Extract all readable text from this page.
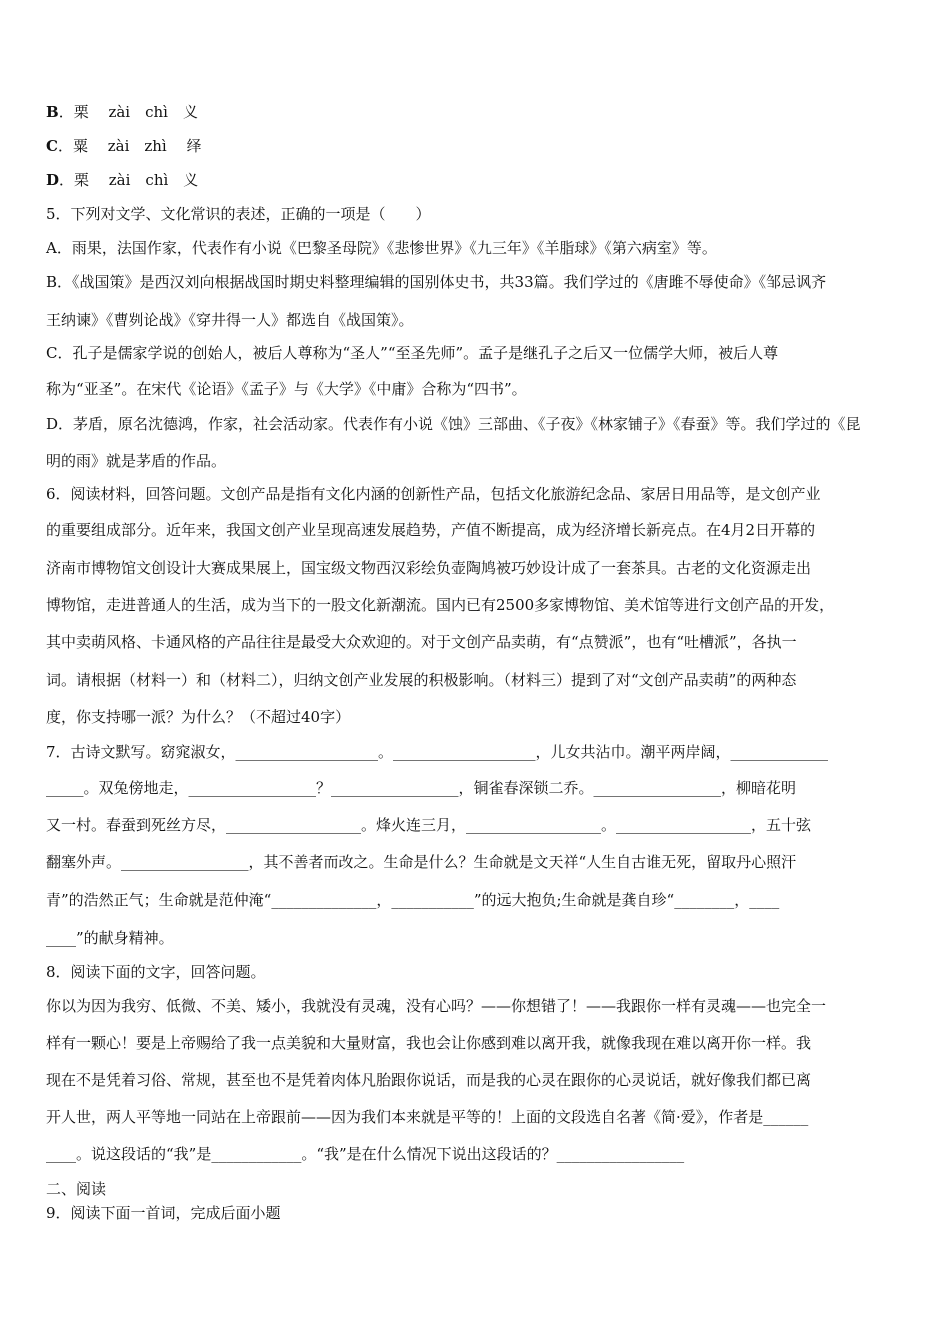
B．栗　 zài　chì　义
C．粟　 zài　zhì　 绎
D．栗　 zài　chì　义
5．下列对文学、文化常识的表述，正确的一项是（　　）
A．雨果，法国作家，代表作有小说《巴黎圣母院》《悲惨世界》《九三年》《羊脂球》《第六病室》等。
B．《战国策》是西汉刘向根据战国时期史料整理编辑的国别体史书，共33篇。我们学过的《唐雎不辱使命》《邹忌讽齐
王纳谏》《曹刿论战》《穿井得一人》都选自《战国策》。
C．孔子是儒家学说的创始人，被后人尊称为“圣人”“至圣先师”。孟子是继孔子之后又一位儒学大师，被后人尊
称为“亚圣”。在宋代《论语》《孟子》与《大学》《中庸》合称为“四书”。
D．茅盾，原名沈德鸿，作家，社会活动家。代表作有小说《蚀》三部曲、《子夜》《林家铺子》《春蚕》等。我们学过的《昆
明的雨》就是茅盾的作品。
6．阅读材料，回答问题。文创产品是指有文化内涵的创新性产品，包括文化旅游纪念品、家居日用品等，是文创产业
的重要组成部分。近年来，我国文创产业呈现高速发展趋势，产值不断提高，成为经济增长新亮点。在4月2日开幕的
济南市博物馆文创设计大赛成果展上，国宝级文物西汉彩绘负壶陶鸠被巧妙设计成了一套茶具。古老的文化资源走出
博物馆，走进普通人的生活，成为当下的一股文化新潮流。国内已有2500多家博物馆、美术馆等进行文创产品的开发，
其中卖萌风格、卡通风格的产品往往是最受大众欢迎的。对于文创产品卖萌，有“点赞派”，也有“吐槽派”，各执一
词。请根据（材料一）和（材料二），归纳文创产业发展的积极影响。（材料三）提到了对“文创产品卖萌”的两种态
度，你支持哪一派？为什么？（不超过40字）
7．古诗文默写。窈窕淑女，___________________。___________________，儿女共沾巾。潮平两岸阔，_____________
_____。双兔傍地走，_________________？_________________，铜雀春深锁二乔。_________________，柳暗花明
又一村。春蚕到死丝方尽，__________________。烽火连三月，__________________。__________________，五十弦
翻塞外声。_________________，其不善者而改之。生命是什么？生命就是文天祥“人生自古谁无死，留取丹心照汗
青”的浩然正气；生命就是范仲淹“______________，___________”的远大抱负;生命就是龚自珍“________，____
____”的献身精神。
8．阅读下面的文字，回答问题。
你以为因为我穷、低微、不美、矮小，我就没有灵魂，没有心吗？——你想错了！——我跟你一样有灵魂——也完全一
样有一颗心！要是上帝赐给了我一点美貌和大量财富，我也会让你感到难以离开我，就像我现在难以离开你一样。我
现在不是凭着习俗、常规，甚至也不是凭着肉体凡胎跟你说话，而是我的心灵在跟你的心灵说话，就好像我们都已离
开人世，两人平等地一同站在上帝跟前——因为我们本来就是平等的！上面的文段选自名著《简·爱》，作者是______
____。说这段话的“我”是____________。“我”是在什么情况下说出这段话的？_________________
二、阅读
9．阅读下面一首词，完成后面小题
